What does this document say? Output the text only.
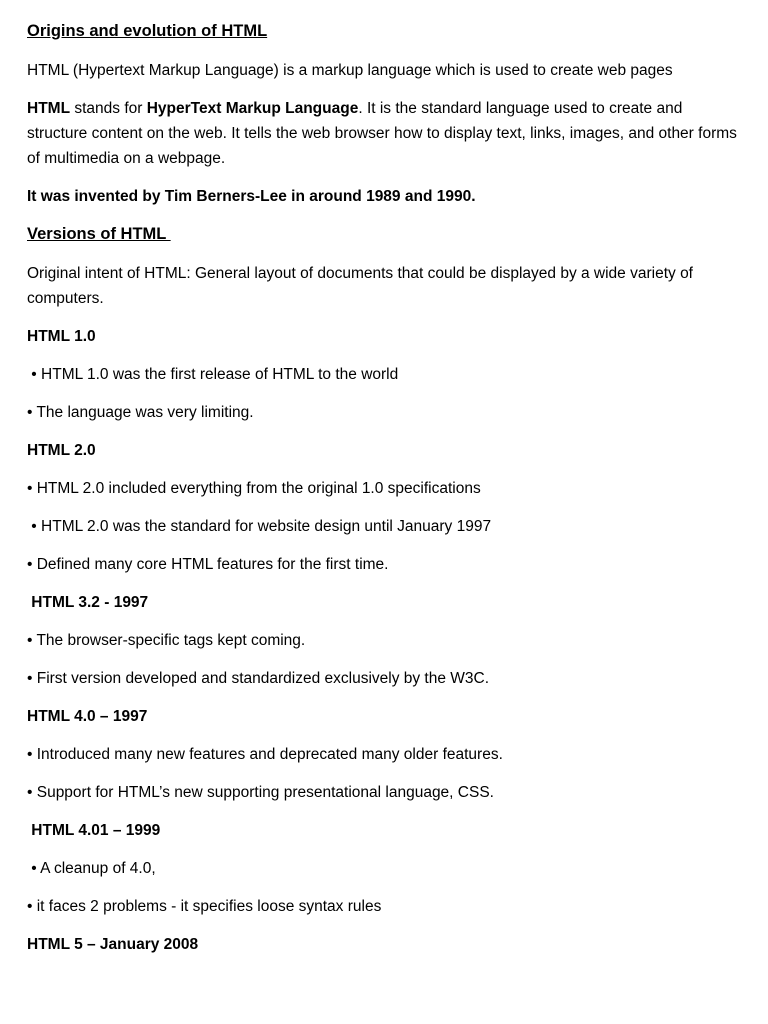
Origins and evolution of HTML
HTML (Hypertext Markup Language) is a markup language which is used to create web pages
HTML stands for HyperText Markup Language. It is the standard language used to create and structure content on the web. It tells the web browser how to display text, links, images, and other forms of multimedia on a webpage.
It was invented by Tim Berners-Lee in around 1989 and 1990.
Versions of HTML
Original intent of HTML: General layout of documents that could be displayed by a wide variety of computers.
HTML 1.0
• HTML 1.0 was the first release of HTML to the world
• The language was very limiting.
HTML 2.0
• HTML 2.0 included everything from the original 1.0 specifications
• HTML 2.0 was the standard for website design until January 1997
• Defined many core HTML features for the first time.
HTML 3.2 - 1997
• The browser-specific tags kept coming.
• First version developed and standardized exclusively by the W3C.
HTML 4.0 – 1997
• Introduced many new features and deprecated many older features.
• Support for HTML’s new supporting presentational language, CSS.
HTML 4.01 – 1999
• A cleanup of 4.0,
• it faces 2 problems - it specifies loose syntax rules
HTML 5 – January 2008
